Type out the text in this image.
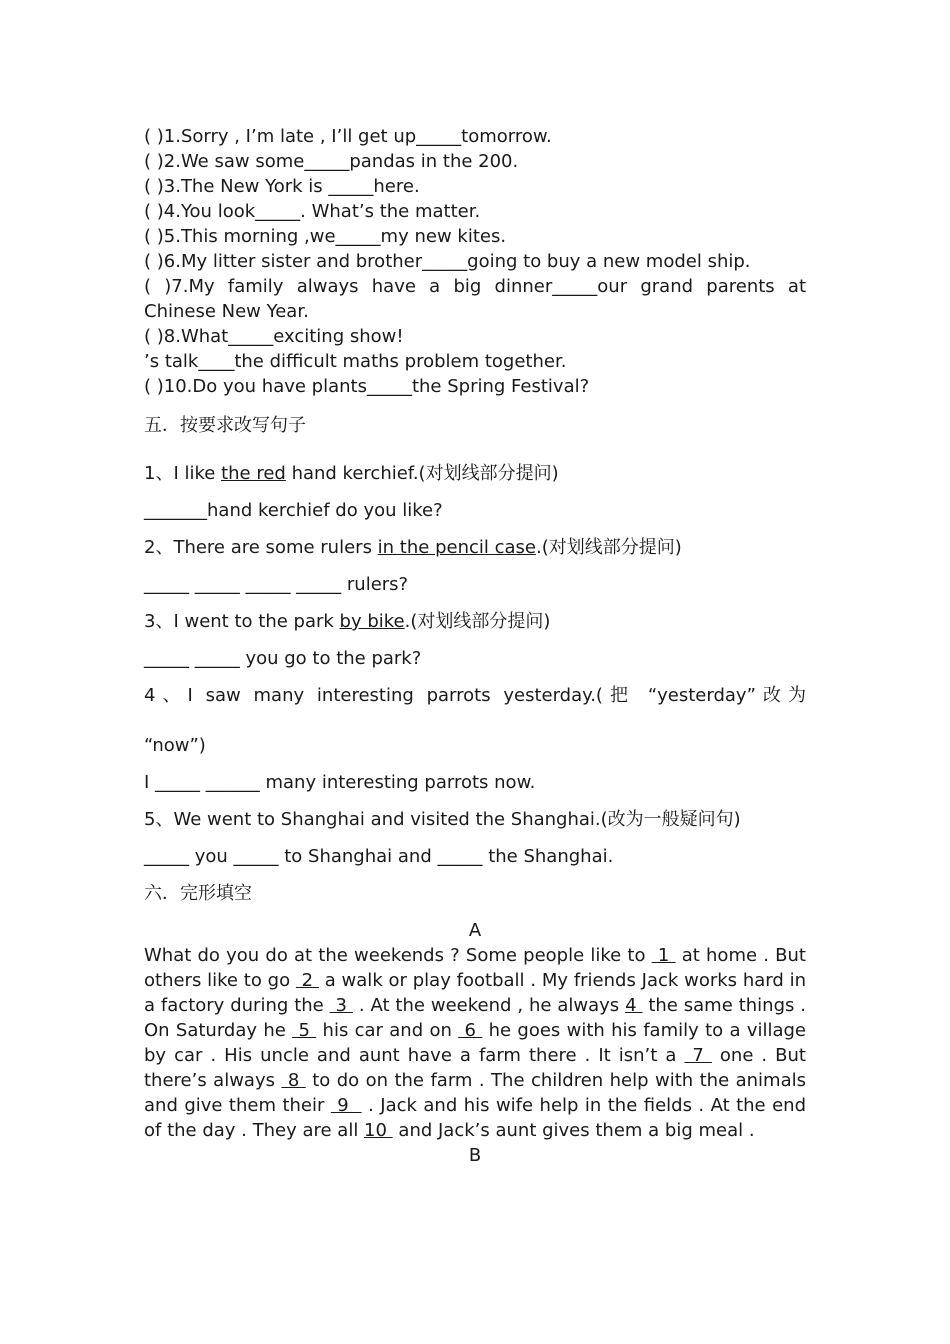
( )1.Sorry , I’m late , I’ll get up_____tomorrow.
( )2.We saw some_____pandas in the 200.
( )3.The New York is _____here.
( )4.You look_____. What’s the matter.
( )5.This morning ,we_____my new kites.
( )6.My litter sister and brother_____going to buy a new model ship.
( )7.My family always have a big dinner_____our grand parents at Chinese New Year.
( )8.What_____exciting show!
’s talk____the difficult maths problem together.
( )10.Do you have plants_____the Spring Festival?
五．按要求改写句子
1、I like the red hand kerchief.(对划线部分提问)
_______hand kerchief do you like?
2、There are some rulers in the pencil case.(对划线部分提问)
_____ _____ _____ _____ rulers?
3、I went to the park by bike.(对划线部分提问)
_____ _____ you go to the park?
4、I saw many interesting parrots yesterday.(把 “yesterday”改为
“now”)
I _____ ______ many interesting parrots now.
5、We went to Shanghai and visited the Shanghai.(改为一般疑问句)
_____ you _____ to Shanghai and _____ the Shanghai.
六．完形填空
A
What do you do at the weekends ? Some people like to  1  at home . But others like to go  2  a walk or play football . My friends Jack works hard in a factory during the  3  . At the weekend , he always 4  the same things . On Saturday he  5  his car and on  6  he goes with his family to a village by car . His uncle and aunt have a farm there . It isn’t a  7  one . But there’s always  8  to do on the farm . The children help with the animals and give them their  9   . Jack and his wife help in the fields . At the end of the day . They are all 10  and Jack’s aunt gives them a big meal .
B
